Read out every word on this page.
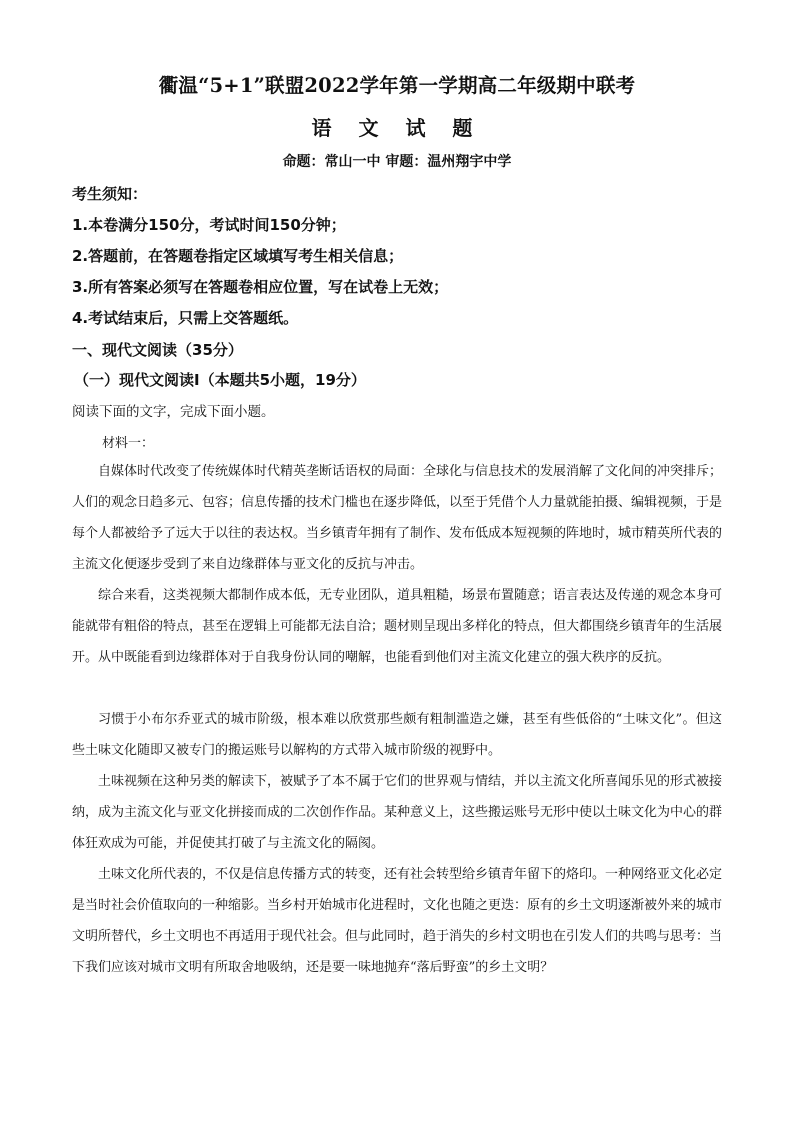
衢温“5+1”联盟2022学年第一学期高二年级期中联考
语 文 试 题
命题：常山一中 审题：温州翔宇中学
考生须知：
1.本卷满分150分，考试时间150分钟；
2.答题前，在答题卷指定区域填写考生相关信息；
3.所有答案必须写在答题卷相应位置，写在试卷上无效；
4.考试结束后，只需上交答题纸。
一、现代文阅读（35分）
（一）现代文阅读Ⅰ（本题共5小题，19分）
阅读下面的文字，完成下面小题。
材料一：

自媒体时代改变了传统媒体时代精英垄断话语权的局面：全球化与信息技术的发展消解了文化间的冲突排斥；人们的观念日趋多元、包容；信息传播的技术门槛也在逐步降低，以至于凭借个人力量就能拍摄、编辑视频，于是每个人都被给予了远大于以往的表达权。当乡镇青年拥有了制作、发布低成本短视频的阵地时，城市精英所代表的主流文化便逐步受到了来自边缘群体与亚文化的反抗与冲击。

综合来看，这类视频大都制作成本低，无专业团队，道具粗糙，场景布置随意；语言表达及传递的观念本身可能就带有粗俗的特点，甚至在逻辑上可能都无法自洽；题材则呈现出多样化的特点，但大都围绕乡镇青年的生活展开。从中既能看到边缘群体对于自我身份认同的嘲解，也能看到他们对主流文化建立的强大秩序的反抗。

习惯于小布尔乔亚式的城市阶级，根本难以欣赏那些颇有粗制滥造之嫌，甚至有些低俗的“土味文化”。但这些土味文化随即又被专门的搬运账号以解构的方式带入城市阶级的视野中。

土味视频在这种另类的解读下，被赋予了本不属于它们的世界观与情结，并以主流文化所喜闻乐见的形式被接纳，成为主流文化与亚文化拼接而成的二次创作作品。某种意义上，这些搬运账号无形中使以土味文化为中心的群体狂欢成为可能，并促使其打破了与主流文化的隔阂。

土味文化所代表的，不仅是信息传播方式的转变，还有社会转型给乡镇青年留下的烙印。一种网络亚文化必定是当时社会价值取向的一种缩影。当乡村开始城市化进程时，文化也随之更迭：原有的乡土文明逐渐被外来的城市文明所替代，乡土文明也不再适用于现代社会。但与此同时，趋于消失的乡村文明也在引发人们的共鸣与思考：当下我们应该对城市文明有所取舍地吸纳，还是要一味地抛弃“落后野蛮”的乡土文明？
